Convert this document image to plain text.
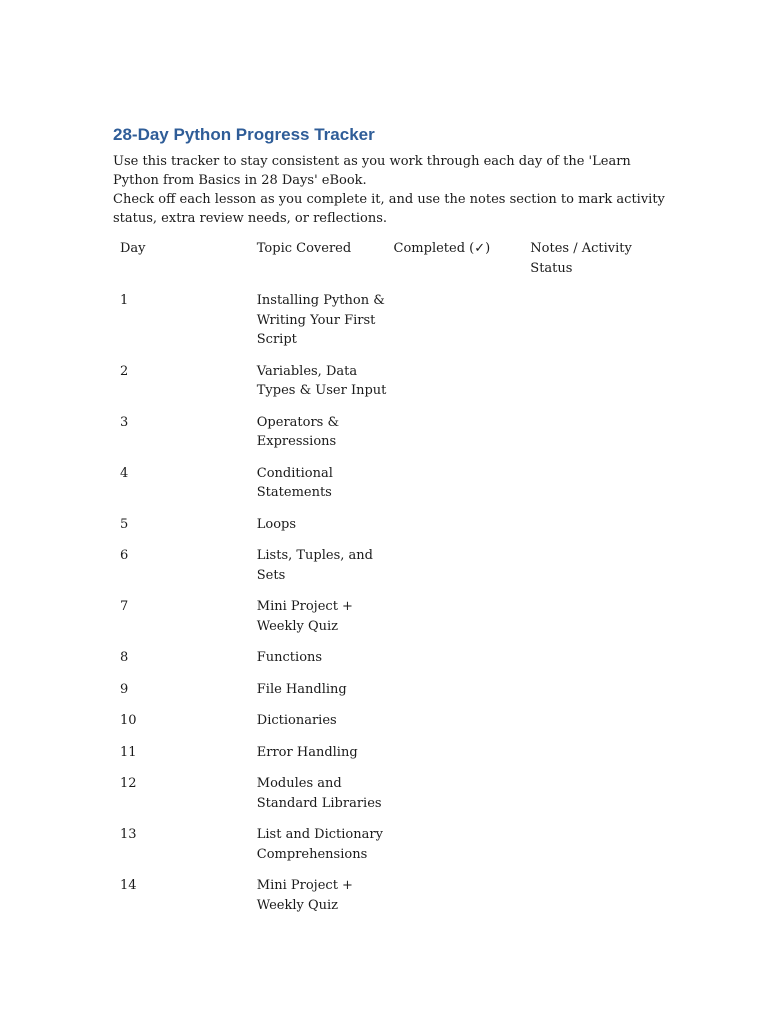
28-Day Python Progress Tracker

Use this tracker to stay consistent as you work through each day of the 'Learn Python from Basics in 28 Days' eBook.

Check off each lesson as you complete it, and use the notes section to mark activity status, extra review needs, or reflections.

Day	Topic Covered	Completed (✓)	Notes / Activity Status
1	Installing Python & Writing Your First Script		
2	Variables, Data Types & User Input		
3	Operators & Expressions		
4	Conditional Statements		
5	Loops		
6	Lists, Tuples, and Sets		
7	Mini Project + Weekly Quiz		
8	Functions		
9	File Handling		
10	Dictionaries		
11	Error Handling		
12	Modules and Standard Libraries		
13	List and Dictionary Comprehensions		
14	Mini Project + Weekly Quiz		
